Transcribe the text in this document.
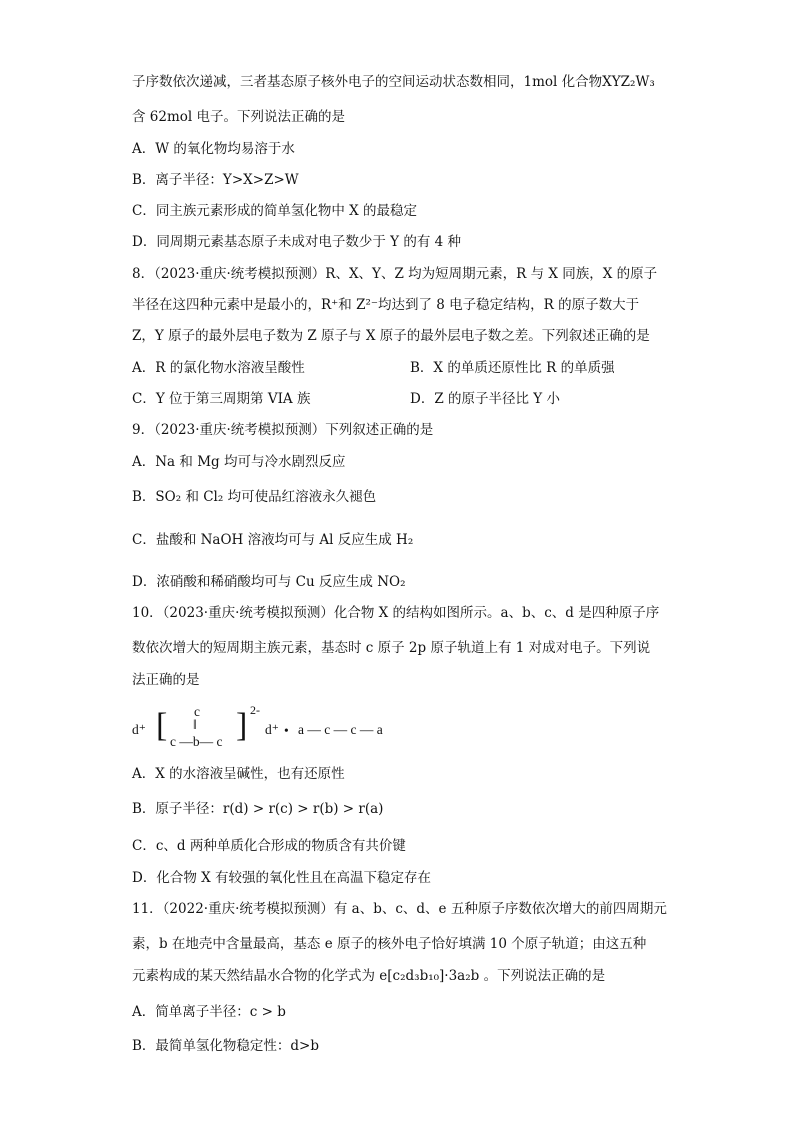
子序数依次递减，三者基态原子核外电子的空间运动状态数相同，1mol 化合物XYZ₂W₃
含 62mol 电子。下列说法正确的是
A．W 的氧化物均易溶于水
B．离子半径：Y>X>Z>W
C．同主族元素形成的简单氢化物中 X 的最稳定
D．同周期元素基态原子未成对电子数少于 Y 的有 4 种
8．（2023·重庆·统考模拟预测）R、X、Y、Z 均为短周期元素，R 与 X 同族，X 的原子
半径在这四种元素中是最小的，R⁺和 Z²⁻均达到了 8 电子稳定结构，R 的原子数大于
Z，Y 原子的最外层电子数为 Z 原子与 X 原子的最外层电子数之差。下列叙述正确的是
A．R 的氯化物水溶液呈酸性	B．X 的单质还原性比 R 的单质强
C．Y 位于第三周期第 VIA 族	D．Z 的原子半径比 Y 小
9．（2023·重庆·统考模拟预测）下列叙述正确的是
A．Na 和 Mg 均可与冷水剧烈反应
B．SO₂ 和 Cl₂ 均可使品红溶液永久褪色
C．盐酸和 NaOH 溶液均可与 Al 反应生成 H₂
D．浓硝酸和稀硝酸均可与 Cu 反应生成 NO₂
10．（2023·重庆·统考模拟预测）化合物 X 的结构如图所示。a、b、c、d 是四种原子序
数依次增大的短周期主族元素，基态时 c 原子 2p 原子轨道上有 1 对成对电子。下列说
法正确的是
d⁺ [ c
‖
c —b— c ] 2-
d⁺ • a — c — c — a
A．X 的水溶液呈碱性，也有还原性
B．原子半径：r(d) > r(c) > r(b) > r(a)
C．c、d 两种单质化合形成的物质含有共价键
D．化合物 X 有较强的氧化性且在高温下稳定存在
11．（2022·重庆·统考模拟预测）有 a、b、c、d、e 五种原子序数依次增大的前四周期元
素，b 在地壳中含量最高，基态 e 原子的核外电子恰好填满 10 个原子轨道；由这五种
元素构成的某天然结晶水合物的化学式为 e[c₂d₃b₁₀]·3a₂b 。下列说法正确的是
A．简单离子半径：c > b
B．最简单氢化物稳定性：d>b
